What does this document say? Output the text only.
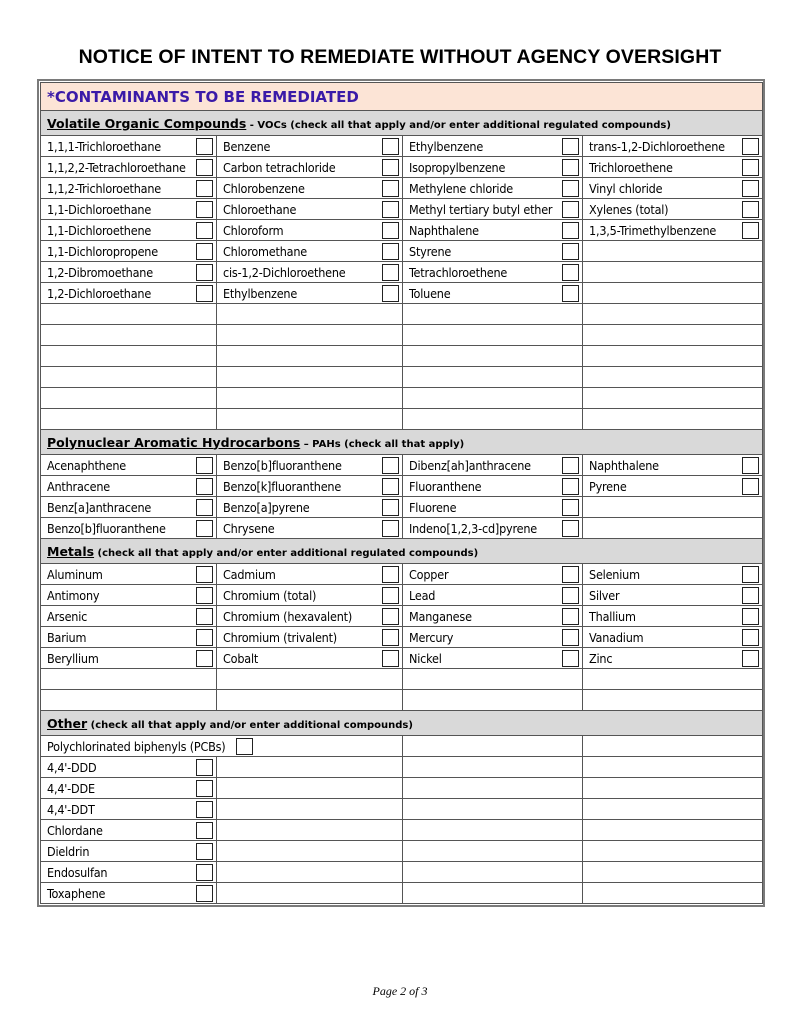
NOTICE OF INTENT TO REMEDIATE WITHOUT AGENCY OVERSIGHT
*CONTAMINANTS TO BE REMEDIATED			
Volatile Organic Compounds - VOCs (check all that apply and/or enter additional regulated compounds)			
1,1,1-Trichloroethane	Benzene	Ethylbenzene	trans-1,2-Dichloroethene

1,1,2,2-Tetrachloroethane	Carbon tetrachloride	Isopropylbenzene	Trichloroethene

1,1,2-Trichloroethane	Chlorobenzene	Methylene chloride	Vinyl chloride

1,1-Dichloroethane	Chloroethane	Methyl tertiary butyl ether	Xylenes (total)

1,1-Dichloroethene	Chloroform	Naphthalene	1,3,5-Trimethylbenzene

1,1-Dichloropropene	Chloromethane	Styrene

1,2-Dibromoethane	cis-1,2-Dichloroethene	Tetrachloroethene

1,2-Dichloroethane	Ethylbenzene	Toluene

Polynuclear Aromatic Hydrocarbons – PAHs (check all that apply)			
Acenaphthene	Benzo[b]fluoranthene	Dibenz[ah]anthracene	Naphthalene

Anthracene	Benzo[k]fluoranthene	Fluoranthene	Pyrene

Benz[a]anthracene	Benzo[a]pyrene	Fluorene

Benzo[b]fluoranthene	Chrysene	Indeno[1,2,3-cd]pyrene

Metals (check all that apply and/or enter additional regulated compounds)			
Aluminum	Cadmium	Copper	Selenium

Antimony	Chromium (total)	Lead	Silver

Arsenic	Chromium (hexavalent)	Manganese	Thallium

Barium	Chromium (trivalent)	Mercury	Vanadium

Beryllium	Cobalt	Nickel	Zinc

Other (check all that apply and/or enter additional compounds)			
Polychlorinated biphenyls (PCBs)			
4,4'-DDD

4,4'-DDE

4,4'-DDT

Chlordane

Dieldrin

Endosulfan

Toxaphene

Page 2 of 3
